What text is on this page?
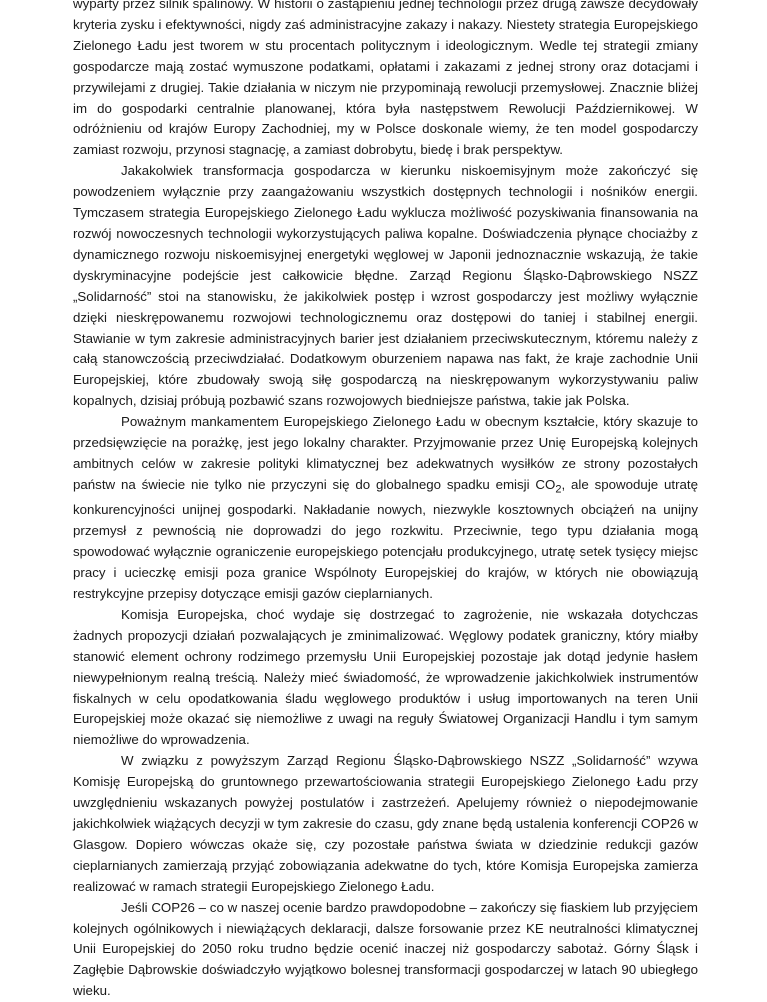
wyparty przez silnik spalinowy. W historii o zastąpieniu jednej technologii przez drugą zawsze decydowały kryteria zysku i efektywności, nigdy zaś administracyjne zakazy i nakazy. Niestety strategia Europejskiego Zielonego Ładu jest tworem w stu procentach politycznym i ideologicznym. Wedle tej strategii zmiany gospodarcze mają zostać wymuszone podatkami, opłatami i zakazami z jednej strony oraz dotacjami i przywilejami z drugiej. Takie działania w niczym nie przypominają rewolucji przemysłowej. Znacznie bliżej im do gospodarki centralnie planowanej, która była następstwem Rewolucji Październikowej. W odróżnieniu od krajów Europy Zachodniej, my w Polsce doskonale wiemy, że ten model gospodarczy zamiast rozwoju, przynosi stagnację, a zamiast dobrobytu, biedę i brak perspektyw.

Jakakolwiek transformacja gospodarcza w kierunku niskoemisyjnym może zakończyć się powodzeniem wyłącznie przy zaangażowaniu wszystkich dostępnych technologii i nośników energii. Tymczasem strategia Europejskiego Zielonego Ładu wyklucza możliwość pozyskiwania finansowania na rozwój nowoczesnych technologii wykorzystujących paliwa kopalne. Doświadczenia płynące chociażby z dynamicznego rozwoju niskoemisyjnej energetyki węglowej w Japonii jednoznacznie wskazują, że takie dyskryminacyjne podejście jest całkowicie błędne. Zarząd Regionu Śląsko-Dąbrowskiego NSZZ „Solidarność” stoi na stanowisku, że jakikolwiek postęp i wzrost gospodarczy jest możliwy wyłącznie dzięki nieskrępowanemu rozwojowi technologicznemu oraz dostępowi do taniej i stabilnej energii. Stawianie w tym zakresie administracyjnych barier jest działaniem przeciwskutecznym, któremu należy z całą stanowczością przeciwdziałać. Dodatkowym oburzeniem napawa nas fakt, że kraje zachodnie Unii Europejskiej, które zbudowały swoją siłę gospodarczą na nieskrępowanym wykorzystywaniu paliw kopalnych, dzisiaj próbują pozbawić szans rozwojowych biedniejsze państwa, takie jak Polska.

Poważnym mankamentem Europejskiego Zielonego Ładu w obecnym kształcie, który skazuje to przedsięwzięcie na porażkę, jest jego lokalny charakter. Przyjmowanie przez Unię Europejską kolejnych ambitnych celów w zakresie polityki klimatycznej bez adekwatnych wysiłków ze strony pozostałych państw na świecie nie tylko nie przyczyni się do globalnego spadku emisji $CO_2$, ale spowoduje utratę konkurencyjności unijnej gospodarki. Nakładanie nowych, niezwykle kosztownych obciążeń na unijny przemysł z pewnością nie doprowadzi do jego rozkwitu. Przeciwnie, tego typu działania mogą spowodować wyłącznie ograniczenie europejskiego potencjału produkcyjnego, utratę setek tysięcy miejsc pracy i ucieczkę emisji poza granice Wspólnoty Europejskiej do krajów, w których nie obowiązują restrykcyjne przepisy dotyczące emisji gazów cieplarnianych.

Komisja Europejska, choć wydaje się dostrzegać to zagrożenie, nie wskazała dotychczas żadnych propozycji działań pozwalających je zminimalizować. Węglowy podatek graniczny, który miałby stanowić element ochrony rodzimego przemysłu Unii Europejskiej pozostaje jak dotąd jedynie hasłem niewypełnionym realną treścią. Należy mieć świadomość, że wprowadzenie jakichkolwiek instrumentów fiskalnych w celu opodatkowania śladu węglowego produktów i usług importowanych na teren Unii Europejskiej może okazać się niemożliwe z uwagi na reguły Światowej Organizacji Handlu i tym samym niemożliwe do wprowadzenia.

W związku z powyższym Zarząd Regionu Śląsko-Dąbrowskiego NSZZ „Solidarność” wzywa Komisję Europejską do gruntownego przewartościowania strategii Europejskiego Zielonego Ładu przy uwzględnieniu wskazanych powyżej postulatów i zastrzeżeń. Apelujemy również o niepodejmowanie jakichkolwiek wiążących decyzji w tym zakresie do czasu, gdy znane będą ustalenia konferencji COP26 w Glasgow. Dopiero wówczas okaże się, czy pozostałe państwa świata w dziedzinie redukcji gazów cieplarnianych zamierzają przyjąć zobowiązania adekwatne do tych, które Komisja Europejska zamierza realizować w ramach strategii Europejskiego Zielonego Ładu.

Jeśli COP26 – co w naszej ocenie bardzo prawdopodobne – zakończy się fiaskiem lub przyjęciem kolejnych ogólnikowych i niewiążących deklaracji, dalsze forsowanie przez KE neutralności klimatycznej Unii Europejskiej do 2050 roku trudno będzie ocenić inaczej niż gospodarczy sabotaż. Górny Śląsk i Zagłębie Dąbrowskie doświadczyło wyjątkowo bolesnej transformacji gospodarczej w latach 90 ubiegłego wieku.
